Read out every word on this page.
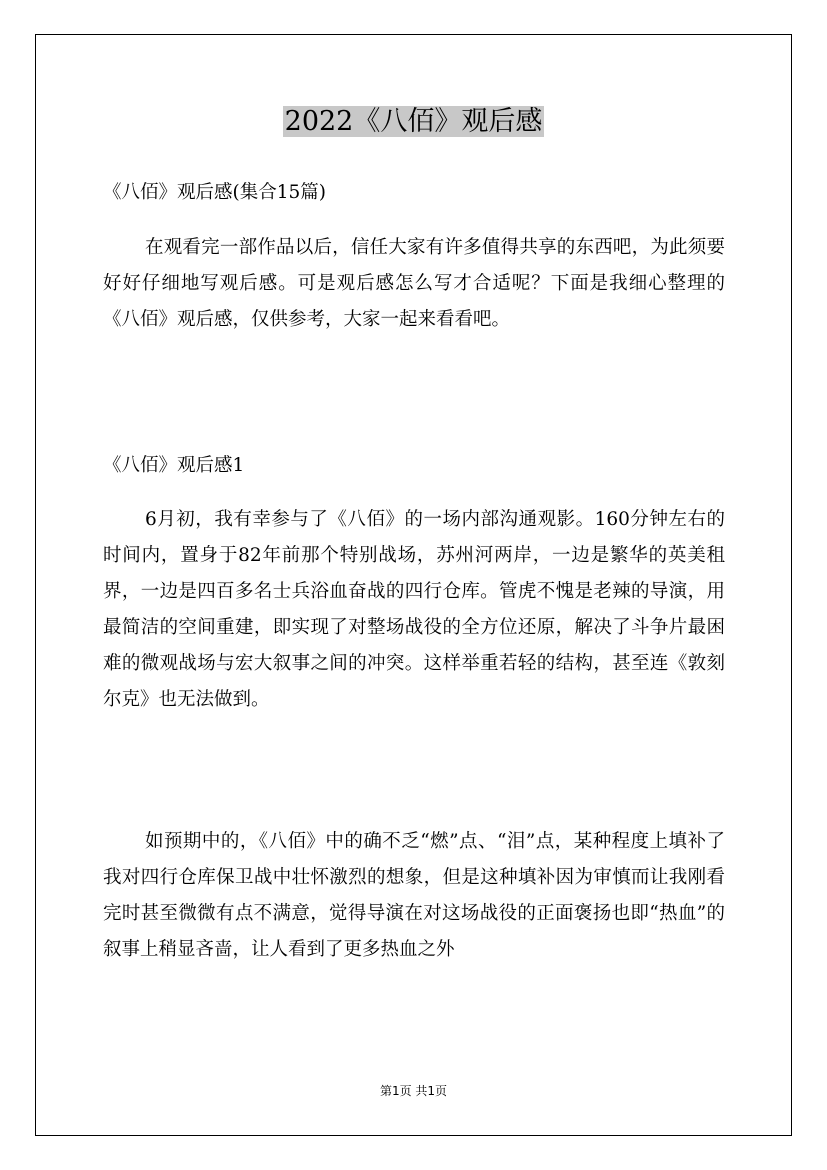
2022《八佰》观后感
《八佰》观后感(集合15篇)

在观看完一部作品以后，信任大家有许多值得共享的东西吧，为此须要好好仔细地写观后感。可是观后感怎么写才合适呢？下面是我细心整理的《八佰》观后感，仅供参考，大家一起来看看吧。

《八佰》观后感1

6月初，我有幸参与了《八佰》的一场内部沟通观影。160分钟左右的时间内，置身于82年前那个特别战场，苏州河两岸，一边是繁华的英美租界，一边是四百多名士兵浴血奋战的四行仓库。管虎不愧是老辣的导演，用最简洁的空间重建，即实现了对整场战役的全方位还原，解决了斗争片最困难的微观战场与宏大叙事之间的冲突。这样举重若轻的结构，甚至连《敦刻尔克》也无法做到。

如预期中的，《八佰》中的确不乏“燃”点、“泪”点，某种程度上填补了我对四行仓库保卫战中壮怀激烈的想象，但是这种填补因为审慎而让我刚看完时甚至微微有点不满意，觉得导演在对这场战役的正面褒扬也即“热血”的叙事上稍显吝啬，让人看到了更多热血之外

第1页 共1页
